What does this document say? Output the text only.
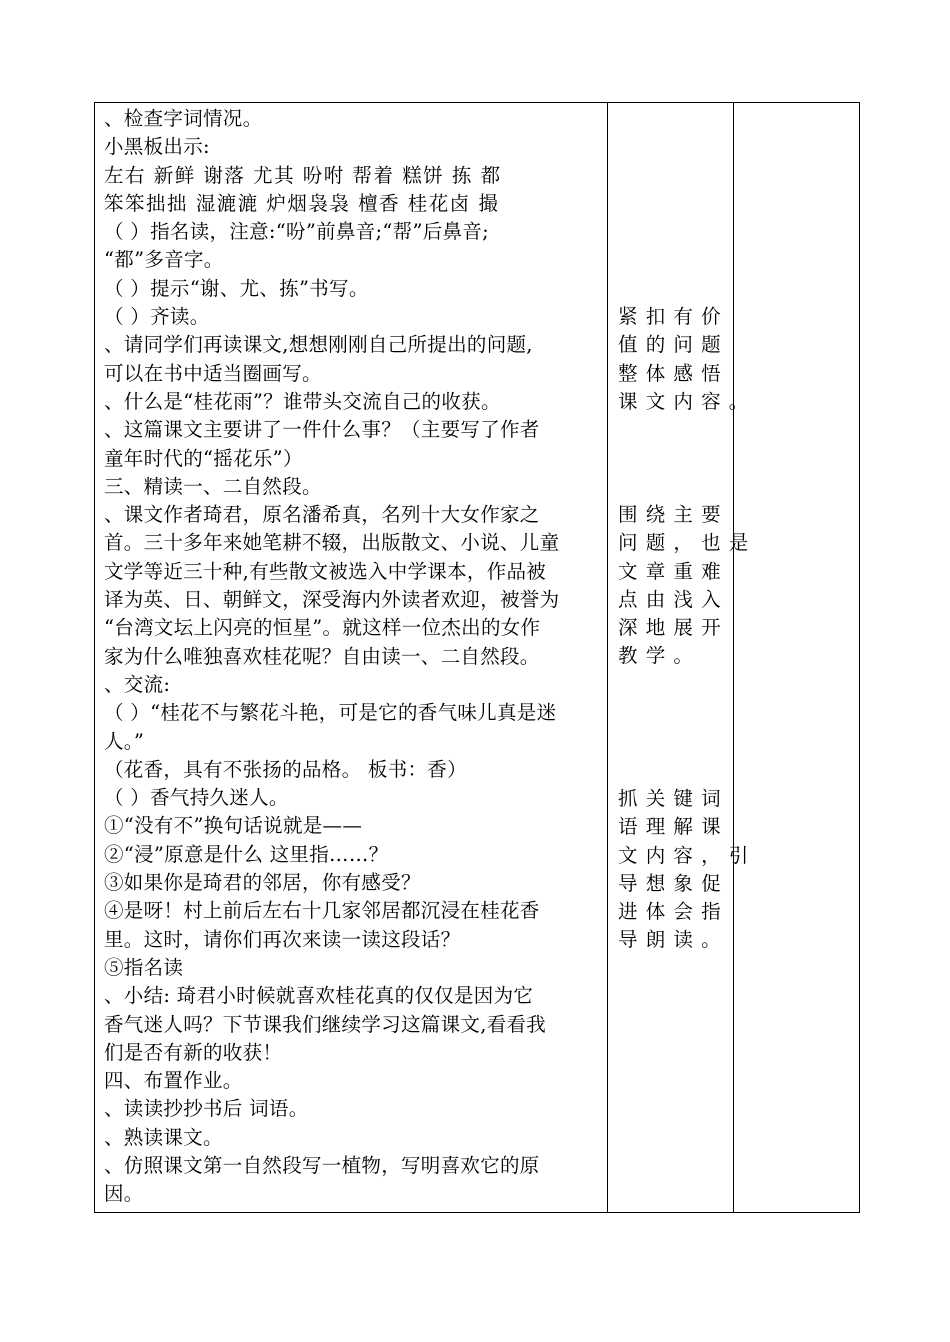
、检查字词情况。
小黑板出示:
左右 新鲜 谢落 尤其 吩咐 帮着 糕饼 拣 都
笨笨拙拙 湿漉漉 炉烟袅袅 檀香 桂花卤 撮
（ ）指名读，注意:“吩”前鼻音;“帮”后鼻音;
“都”多音字。
（ ）提示“谢、尤、拣”书写。
（ ）齐读。
、请同学们再读课文,想想刚刚自己所提出的问题,
可以在书中适当圈画写。
、什么是“桂花雨”？谁带头交流自己的收获。
、这篇课文主要讲了一件什么事？（主要写了作者
童年时代的“摇花乐”）
三、精读一、二自然段。
、课文作者琦君，原名潘希真，名列十大女作家之
首。三十多年来她笔耕不辍，出版散文、小说、儿童
文学等近三十种,有些散文被选入中学课本，作品被
译为英、日、朝鲜文，深受海内外读者欢迎，被誉为
“台湾文坛上闪亮的恒星”。就这样一位杰出的女作
家为什么唯独喜欢桂花呢？自由读一、二自然段。
、交流:
（ ）“桂花不与繁花斗艳，可是它的香气味儿真是迷
人。”
（花香，具有不张扬的品格。 板书：香）
（ ）香气持久迷人。
①“没有不”换句话说就是——
②“浸”原意是什么 这里指……？
③如果你是琦君的邻居，你有感受？
④是呀！村上前后左右十几家邻居都沉浸在桂花香
里。这时，请你们再次来读一读这段话？
⑤指名读
、小结: 琦君小时候就喜欢桂花真的仅仅是因为它
香气迷人吗？下节课我们继续学习这篇课文,看看我
们是否有新的收获！
四、布置作业。
、读读抄抄书后 词语。
、熟读课文。
、仿照课文第一自然段写一植物，写明喜欢它的原
因。
紧扣有价
值的问题
整体感悟
课文内容。
围绕主要
问题，也是
文章重难
点由浅入
深地展开
教学。
抓关键词
语理解课
文内容，引
导想象促
进体会指
导朗读。
